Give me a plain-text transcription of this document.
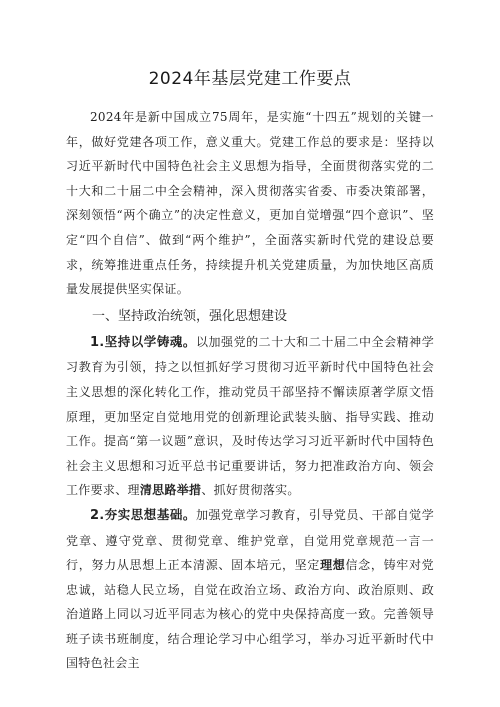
2024年基层党建工作要点

2024年是新中国成立75周年，是实施“十四五”规划的关键一年，做好党建各项工作，意义重大。党建工作总的要求是：坚持以习近平新时代中国特色社会主义思想为指导，全面贯彻落实党的二十大和二十届二中全会精神，深入贯彻落实省委、市委决策部署，深刻领悟“两个确立”的决定性意义，更加自觉增强“四个意识”、坚定“四个自信”、做到“两个维护”，全面落实新时代党的建设总要求，统筹推进重点任务，持续提升机关党建质量，为加快地区高质量发展提供坚实保证。

一、坚持政治统领，强化思想建设

1.坚持以学铸魂。以加强党的二十大和二十届二中全会精神学习教育为引领，持之以恒抓好学习贯彻习近平新时代中国特色社会主义思想的深化转化工作，推动党员干部坚持不懈读原著学原文悟原理，更加坚定自觉地用党的创新理论武装头脑、指导实践、推动工作。提高“第一议题”意识，及时传达学习习近平新时代中国特色社会主义思想和习近平总书记重要讲话，努力把准政治方向、领会工作要求、理清思路举措、抓好贯彻落实。

2.夯实思想基础。加强党章学习教育，引导党员、干部自觉学党章、遵守党章、贯彻党章、维护党章，自觉用党章规范一言一行，努力从思想上正本清源、固本培元，坚定理想信念，铸牢对党忠诚，站稳人民立场，自觉在政治立场、政治方向、政治原则、政治道路上同以习近平同志为核心的党中央保持高度一致。完善领导班子读书班制度，结合理论学习中心组学习，举办习近平新时代中国特色社会主
